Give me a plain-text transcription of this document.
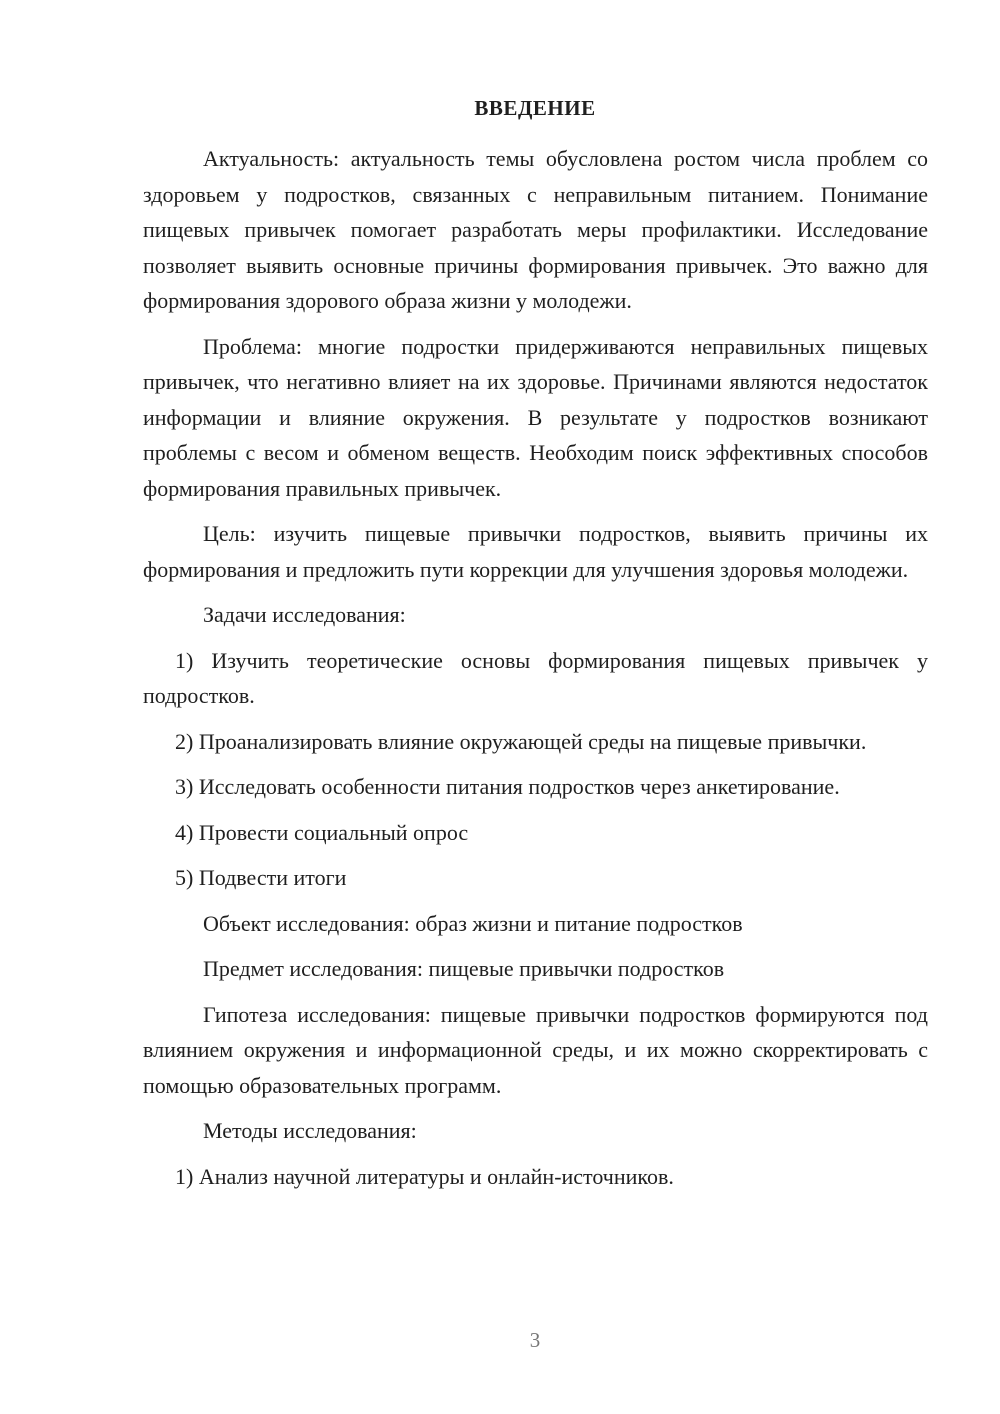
ВВЕДЕНИЕ

Актуальность: актуальность темы обусловлена ростом числа проблем со здоровьем у подростков, связанных с неправильным питанием. Понимание пищевых привычек помогает разработать меры профилактики. Исследование позволяет выявить основные причины формирования привычек. Это важно для формирования здорового образа жизни у молодежи.

Проблема: многие подростки придерживаются неправильных пищевых привычек, что негативно влияет на их здоровье. Причинами являются недостаток информации и влияние окружения. В результате у подростков возникают проблемы с весом и обменом веществ. Необходим поиск эффективных способов формирования правильных привычек.

Цель: изучить пищевые привычки подростков, выявить причины их формирования и предложить пути коррекции для улучшения здоровья молодежи.

Задачи исследования:

1) Изучить теоретические основы формирования пищевых привычек у подростков.

2) Проанализировать влияние окружающей среды на пищевые привычки.

3) Исследовать особенности питания подростков через анкетирование.

4) Провести социальный опрос

5) Подвести итоги

Объект исследования: образ жизни и питание подростков

Предмет исследования: пищевые привычки подростков

Гипотеза исследования: пищевые привычки подростков формируются под влиянием окружения и информационной среды, и их можно скорректировать с помощью образовательных программ.

Методы исследования:

1) Анализ научной литературы и онлайн-источников.

3
